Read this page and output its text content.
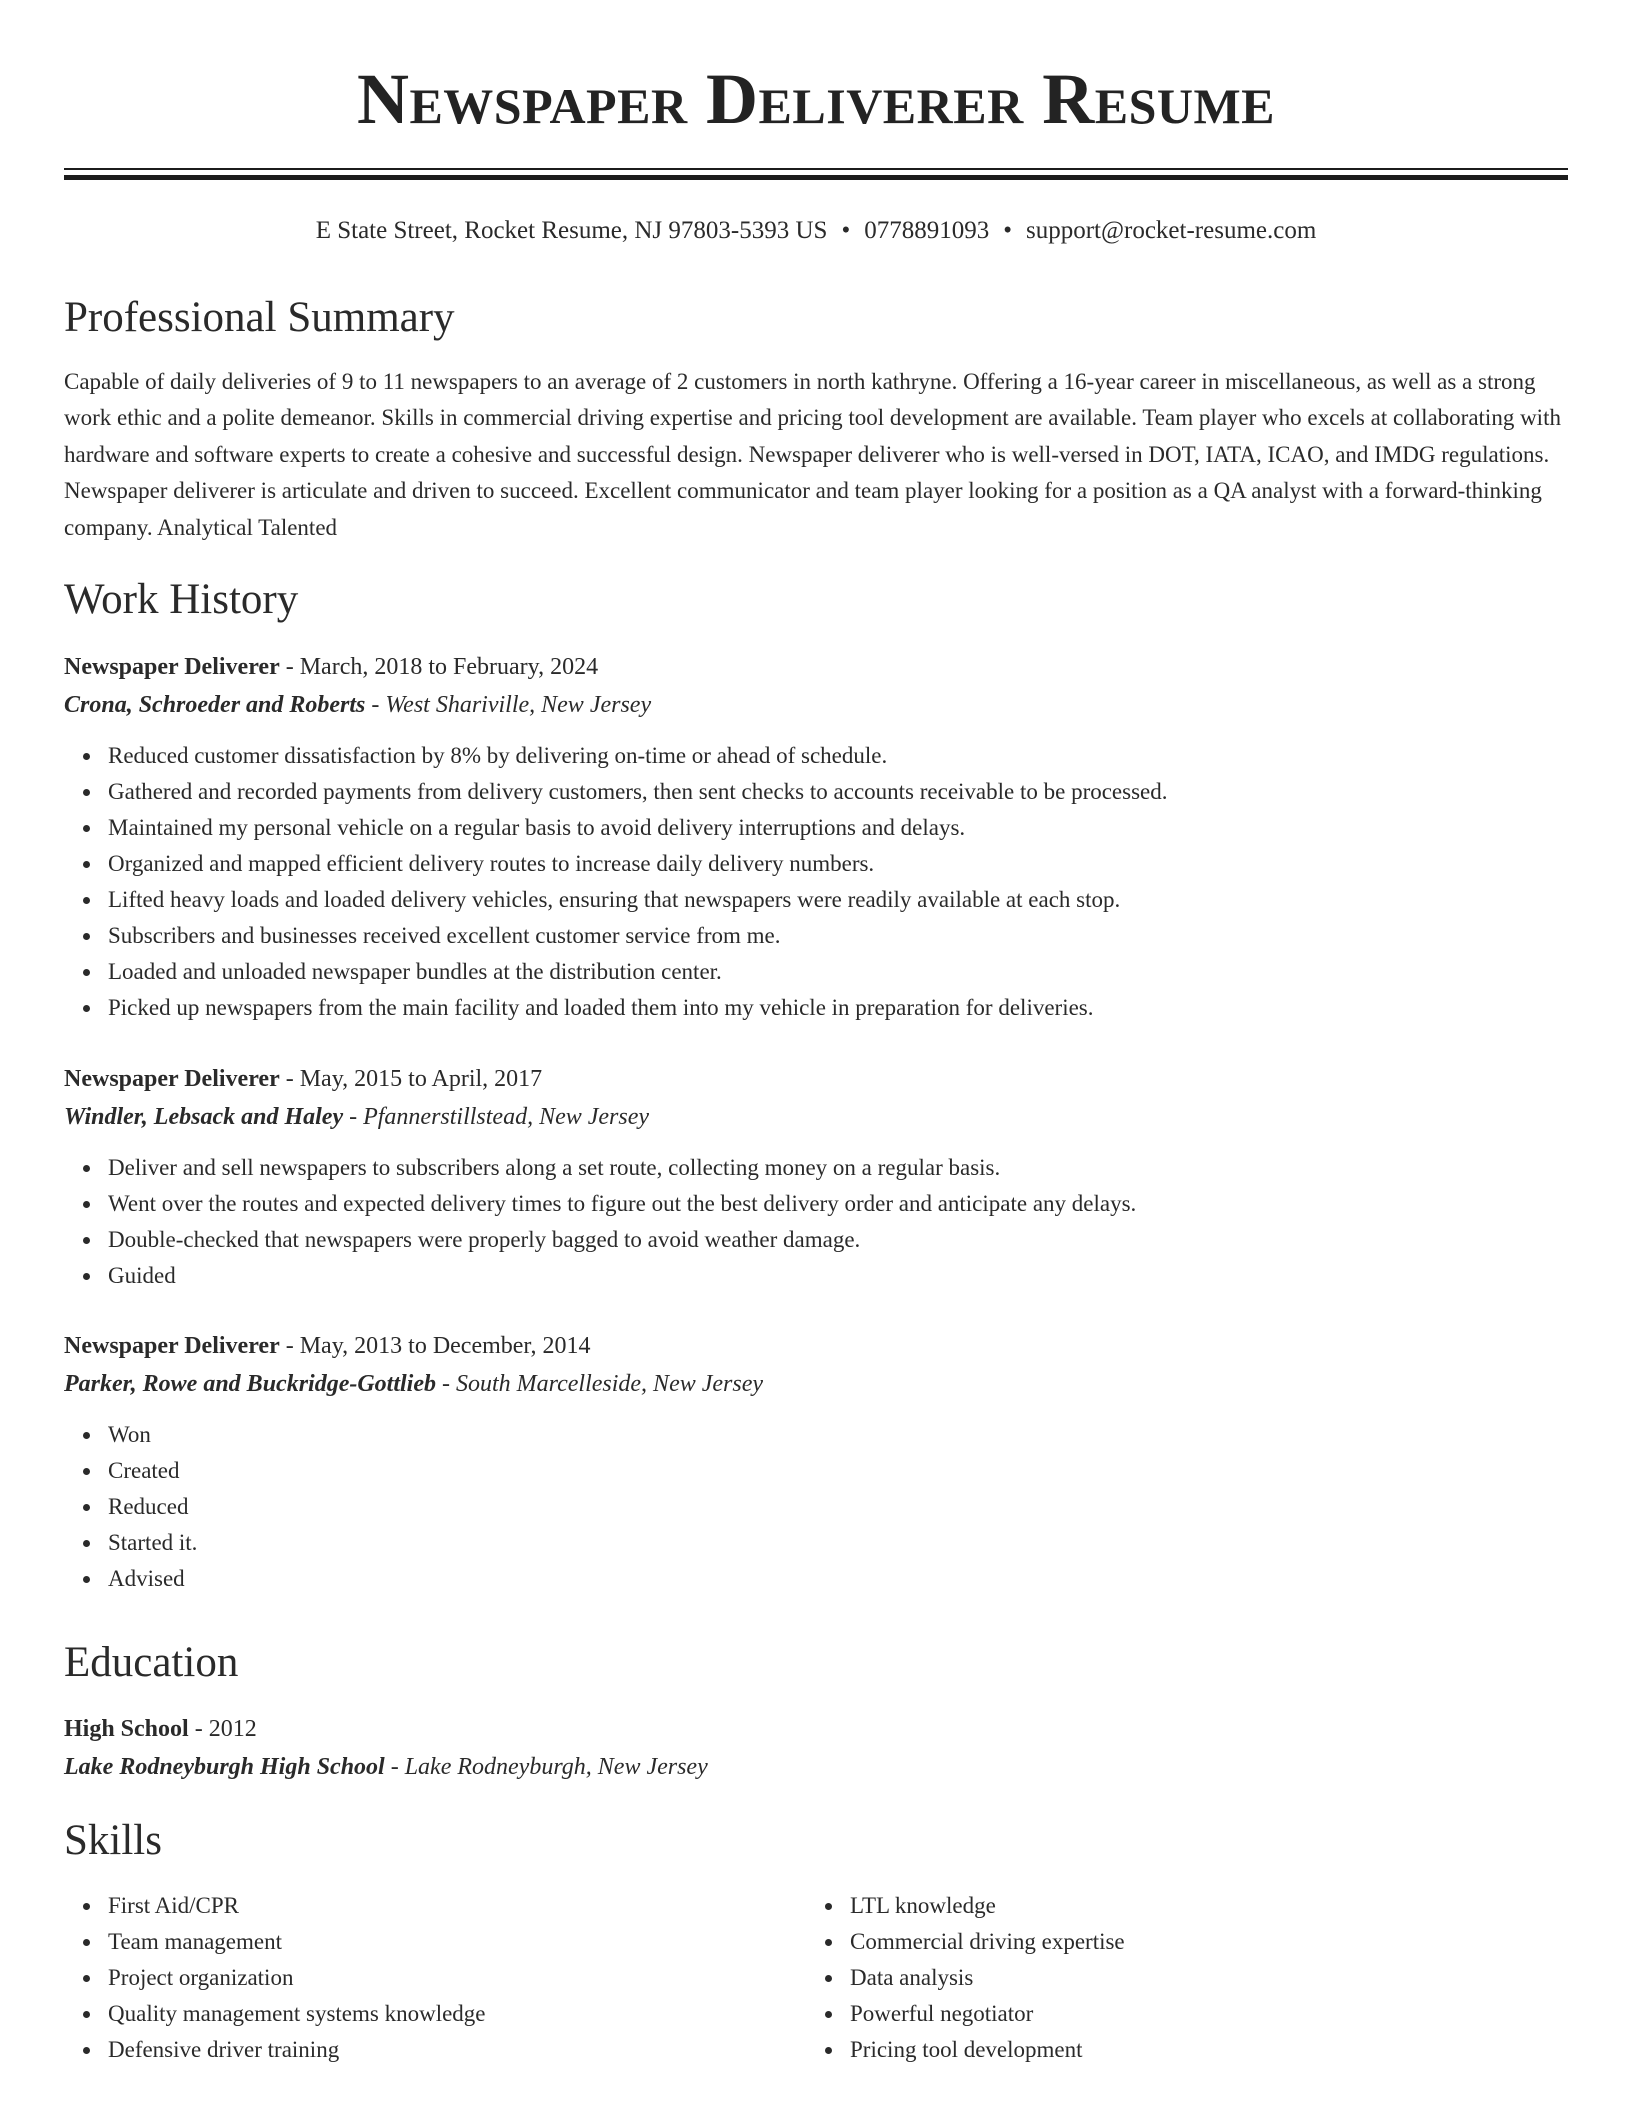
Newspaper Deliverer Resume
E State Street, Rocket Resume, NJ 97803-5393 US • 0778891093 • support@rocket-resume.com
Professional Summary

Capable of daily deliveries of 9 to 11 newspapers to an average of 2 customers in north kathryne. Offering a 16-year career in miscellaneous, as well as a strong work ethic and a polite demeanor. Skills in commercial driving expertise and pricing tool development are available. Team player who excels at collaborating with hardware and software experts to create a cohesive and successful design. Newspaper deliverer who is well-versed in DOT, IATA, ICAO, and IMDG regulations. Newspaper deliverer is articulate and driven to succeed. Excellent communicator and team player looking for a position as a QA analyst with a forward-thinking company. Analytical Talented

Work History
Newspaper Deliverer - March, 2018 to February, 2024
Crona, Schroeder and Roberts - West Shariville, New Jersey
Reduced customer dissatisfaction by 8% by delivering on-time or ahead of schedule.
Gathered and recorded payments from delivery customers, then sent checks to accounts receivable to be processed.
Maintained my personal vehicle on a regular basis to avoid delivery interruptions and delays.
Organized and mapped efficient delivery routes to increase daily delivery numbers.
Lifted heavy loads and loaded delivery vehicles, ensuring that newspapers were readily available at each stop.
Subscribers and businesses received excellent customer service from me.
Loaded and unloaded newspaper bundles at the distribution center.
Picked up newspapers from the main facility and loaded them into my vehicle in preparation for deliveries.
Newspaper Deliverer - May, 2015 to April, 2017
Windler, Lebsack and Haley - Pfannerstillstead, New Jersey
Deliver and sell newspapers to subscribers along a set route, collecting money on a regular basis.
Went over the routes and expected delivery times to figure out the best delivery order and anticipate any delays.
Double-checked that newspapers were properly bagged to avoid weather damage.
Guided
Newspaper Deliverer - May, 2013 to December, 2014
Parker, Rowe and Buckridge-Gottlieb - South Marcelleside, New Jersey
Won
Created
Reduced
Started it.
Advised
Education
High School - 2012
Lake Rodneyburgh High School - Lake Rodneyburgh, New Jersey
Skills
First Aid/CPR
Team management
Project organization
Quality management systems knowledge
Defensive driver training
LTL knowledge
Commercial driving expertise
Data analysis
Powerful negotiator
Pricing tool development
